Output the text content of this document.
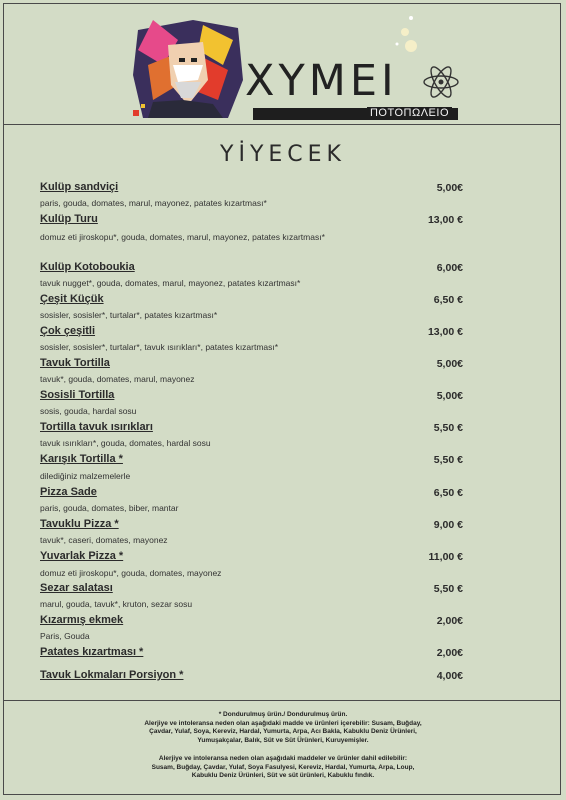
XYMEI
ΠΟΤΟΠΩΛΕΙΟ
YİYECEK
Kulüp sandviçi	5,00€
paris, gouda, domates, marul, mayonez, patates kızartması*
Kulüp Turu	13,00 €
domuz eti jiroskopu*, gouda, domates, marul, mayonez, patates kızartması*
Kulüp Kotoboukia	6,00€
tavuk nugget*, gouda, domates, marul, mayonez, patates kızartması*
Çeşit Küçük	6,50 €
sosisler, sosisler*, turtalar*, patates kızartması*
Çok çeşitli	13,00 €
sosisler, sosisler*, turtalar*, tavuk ısırıkları*, patates kızartması*
Tavuk Tortilla	5,00€
tavuk*, gouda, domates, marul, mayonez
Sosisli Tortilla	5,00€
sosis, gouda, hardal sosu
Tortilla tavuk ısırıkları	5,50 €
tavuk ısırıkları*, gouda, domates, hardal sosu
Karışık Tortilla *	5,50 €
dilediğiniz malzemelerle
Pizza Sade	6,50 €
paris, gouda, domates, biber, mantar
Tavuklu Pizza *	9,00 €
tavuk*, caseri, domates, mayonez
Yuvarlak Pizza *	11,00 €
domuz eti jiroskopu*, gouda, domates, mayonez
Sezar salatası	5,50 €
marul, gouda, tavuk*, kruton, sezar sosu
Kızarmış ekmek	2,00€
Paris, Gouda
Patates kızartması *	2,00€
Tavuk Lokmaları Porsiyon *	4,00€

* Dondurulmuş ürün./ Dondurulmuş ürün.

Alerjiye ve intoleransa neden olan aşağıdaki madde ve ürünleri içerebilir: Susam, Buğday,

Çavdar, Yulaf, Soya, Kereviz, Hardal, Yumurta, Arpa, Acı Bakla, Kabuklu Deniz Ürünleri,

Yumuşakçalar, Balık, Süt ve Süt Ürünleri, Kuruyemişler.

Alerjiye ve intoleransa neden olan aşağıdaki maddeler ve ürünler dahil edilebilir:

Susam, Buğday, Çavdar, Yulaf, Soya Fasulyesi, Kereviz, Hardal, Yumurta, Arpa, Loup,

Kabuklu Deniz Ürünleri, Süt ve süt ürünleri, Kabuklu fındık.
